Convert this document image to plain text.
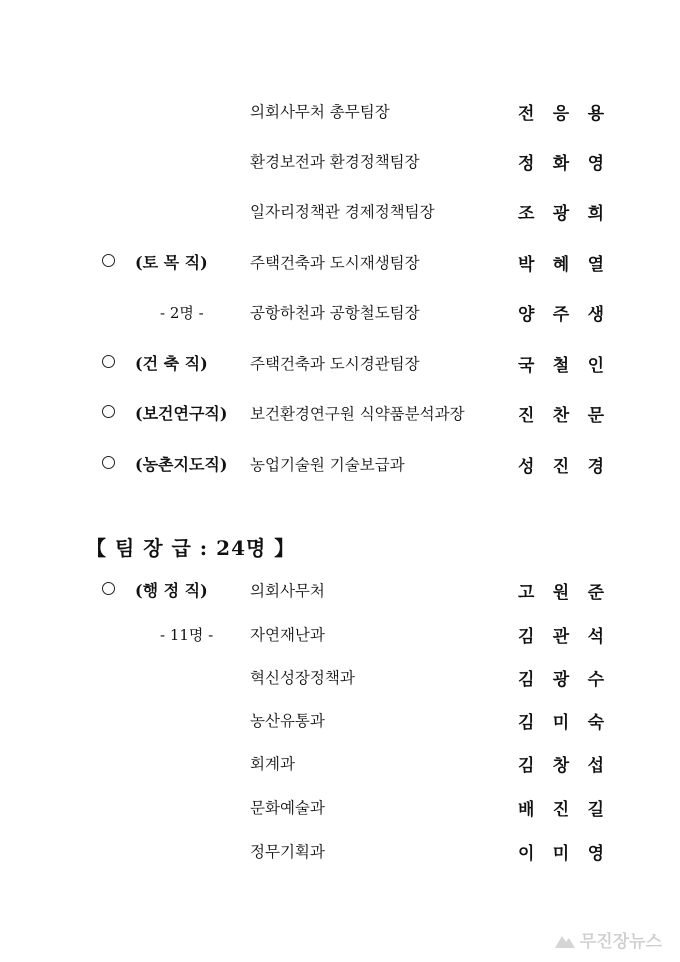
의회사무처 총무팀장	전 응 용
환경보전과 환경정책팀장	정 화 영
일자리정책관 경제정책팀장	조 광 희
(토 목 직)	주택건축과 도시재생팀장	박 혜 열
- 2명 -	공항하천과 공항철도팀장	양 주 생
(건 축 직)	주택건축과 도시경관팀장	국 철 인
(보건연구직)	보건환경연구원 식약품분석과장	진 찬 문
(농촌지도직)	농업기술원 기술보급과	성 진 경
(행 정 직)	의회사무처	고 원 준
- 11명 - 자연재난과	김 관 석
혁신성장정책과	김 광 수
농산유통과	김 미 숙
회계과	김 창 섭
문화예술과	배 진 길
정무기획과	이 미 영
【 팀 장 급 : 24명 】
무진장뉴스
